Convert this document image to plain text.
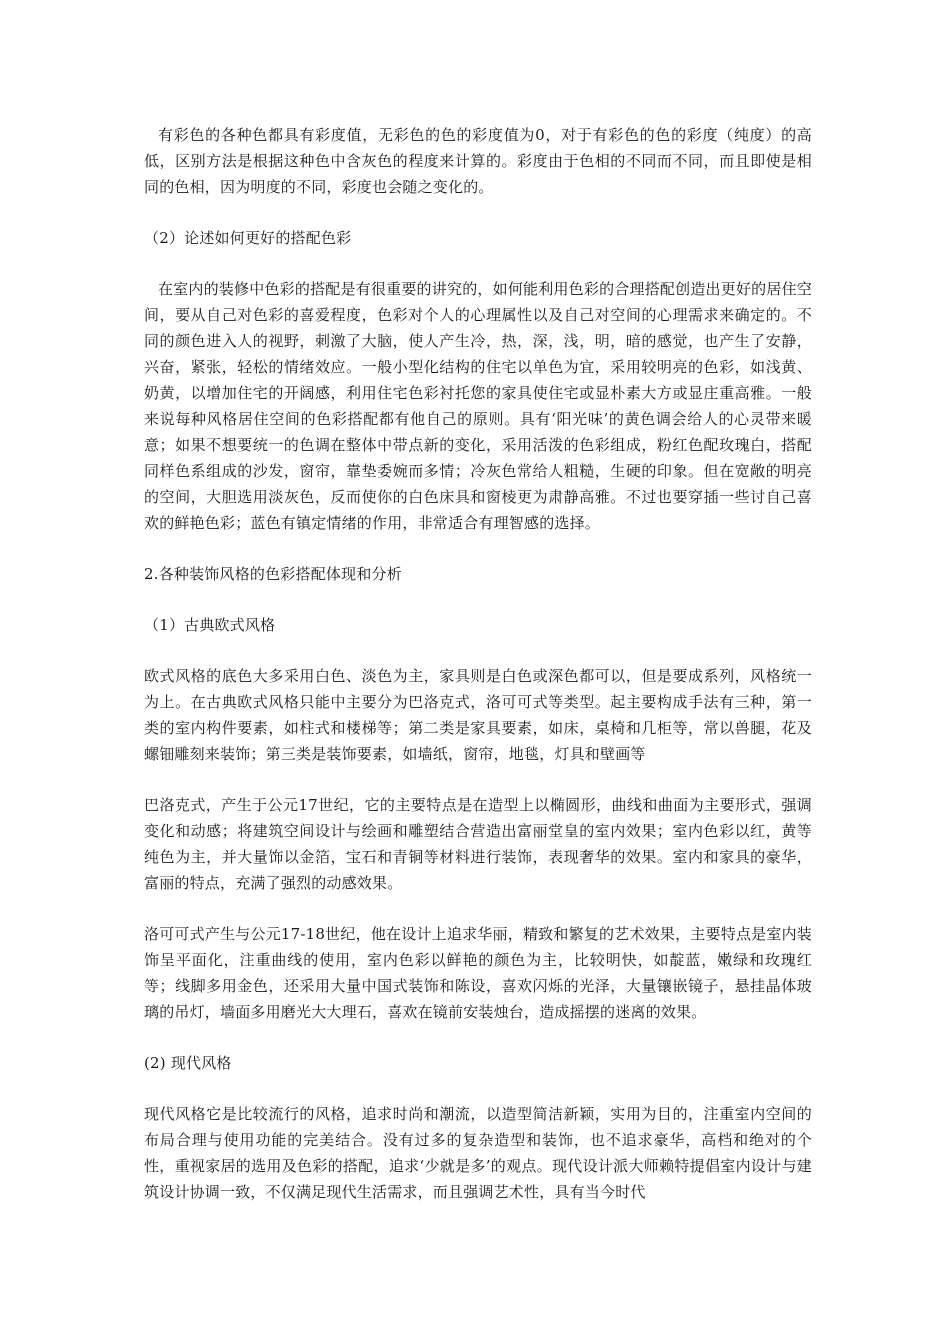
有彩色的各种色都具有彩度值，无彩色的色的彩度值为0，对于有彩色的色的彩度（纯度）的高低，区别方法是根据这种色中含灰色的程度来计算的。彩度由于色相的不同而不同，而且即使是相同的色相，因为明度的不同，彩度也会随之变化的。

（2）论述如何更好的搭配色彩

在室内的装修中色彩的搭配是有很重要的讲究的，如何能利用色彩的合理搭配创造出更好的居住空间，要从自己对色彩的喜爱程度，色彩对个人的心理属性以及自己对空间的心理需求来确定的。不同的颜色进入人的视野，刺激了大脑，使人产生冷，热，深，浅，明，暗的感觉，也产生了安静，兴奋，紧张，轻松的情绪效应。一般小型化结构的住宅以单色为宜，采用较明亮的色彩，如浅黄、奶黄，以增加住宅的开阔感，利用住宅色彩衬托您的家具使住宅或显朴素大方或显庄重高雅。一般来说每种风格居住空间的色彩搭配都有他自己的原则。具有‘阳光味’的黄色调会给人的心灵带来暖意；如果不想要统一的色调在整体中带点新的变化，采用活泼的色彩组成，粉红色配玫瑰白，搭配同样色系组成的沙发，窗帘，靠垫委婉而多情；冷灰色常给人粗糙，生硬的印象。但在宽敞的明亮的空间，大胆选用淡灰色，反而使你的白色床具和窗棱更为肃静高雅。不过也要穿插一些讨自己喜欢的鲜艳色彩；蓝色有镇定情绪的作用，非常适合有理智感的选择。

2.各种装饰风格的色彩搭配体现和分析

（1）古典欧式风格

欧式风格的底色大多采用白色、淡色为主，家具则是白色或深色都可以，但是要成系列，风格统一为上。在古典欧式风格只能中主要分为巴洛克式，洛可可式等类型。起主要构成手法有三种，第一类的室内构件要素，如柱式和楼梯等；第二类是家具要素，如床，桌椅和几柜等，常以兽腿，花及螺钿雕刻来装饰；第三类是装饰要素，如墙纸，窗帘，地毯，灯具和壁画等

巴洛克式，产生于公元17世纪，它的主要特点是在造型上以椭圆形，曲线和曲面为主要形式，强调变化和动感；将建筑空间设计与绘画和雕塑结合营造出富丽堂皇的室内效果；室内色彩以红，黄等纯色为主，并大量饰以金箔，宝石和青铜等材料进行装饰，表现奢华的效果。室内和家具的豪华，富丽的特点，充满了强烈的动感效果。

洛可可式产生与公元17-18世纪，他在设计上追求华丽，精致和繁复的艺术效果，主要特点是室内装饰呈平面化，注重曲线的使用，室内色彩以鲜艳的颜色为主，比较明快，如靛蓝，嫩绿和玫瑰红等；线脚多用金色，还采用大量中国式装饰和陈设，喜欢闪烁的光泽，大量镶嵌镜子，悬挂晶体玻璃的吊灯，墙面多用磨光大大理石，喜欢在镜前安装烛台，造成摇摆的迷离的效果。

(2) 现代风格

现代风格它是比较流行的风格，追求时尚和潮流，以造型简洁新颖，实用为目的，注重室内空间的布局合理与使用功能的完美结合。没有过多的复杂造型和装饰，也不追求豪华，高档和绝对的个性，重视家居的选用及色彩的搭配，追求‘少就是多’的观点。现代设计派大师赖特提倡室内设计与建筑设计协调一致，不仅满足现代生活需求，而且强调艺术性，具有当今时代
